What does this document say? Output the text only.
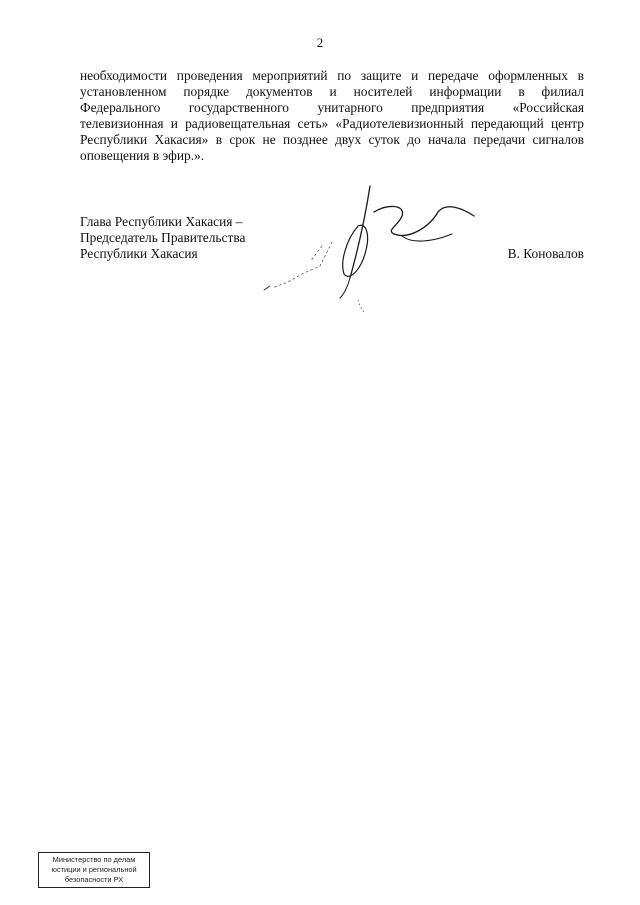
2
необходимости проведения мероприятий по защите и передаче оформленных в
установленном порядке документов и носителей информации в филиал
Федерального государственного унитарного предприятия «Российская
телевизионная и радиовещательная сеть» «Радиотелевизионный передающий центр
Республики Хакасия» в срок не позднее двух суток до начала передачи сигналов
оповещения в эфир.».
Глава Республики Хакасия –
Председатель Правительства
Республики Хакасия	В. Коновалов
Министерство по делам
юстиции и региональной
безопасности РХ
